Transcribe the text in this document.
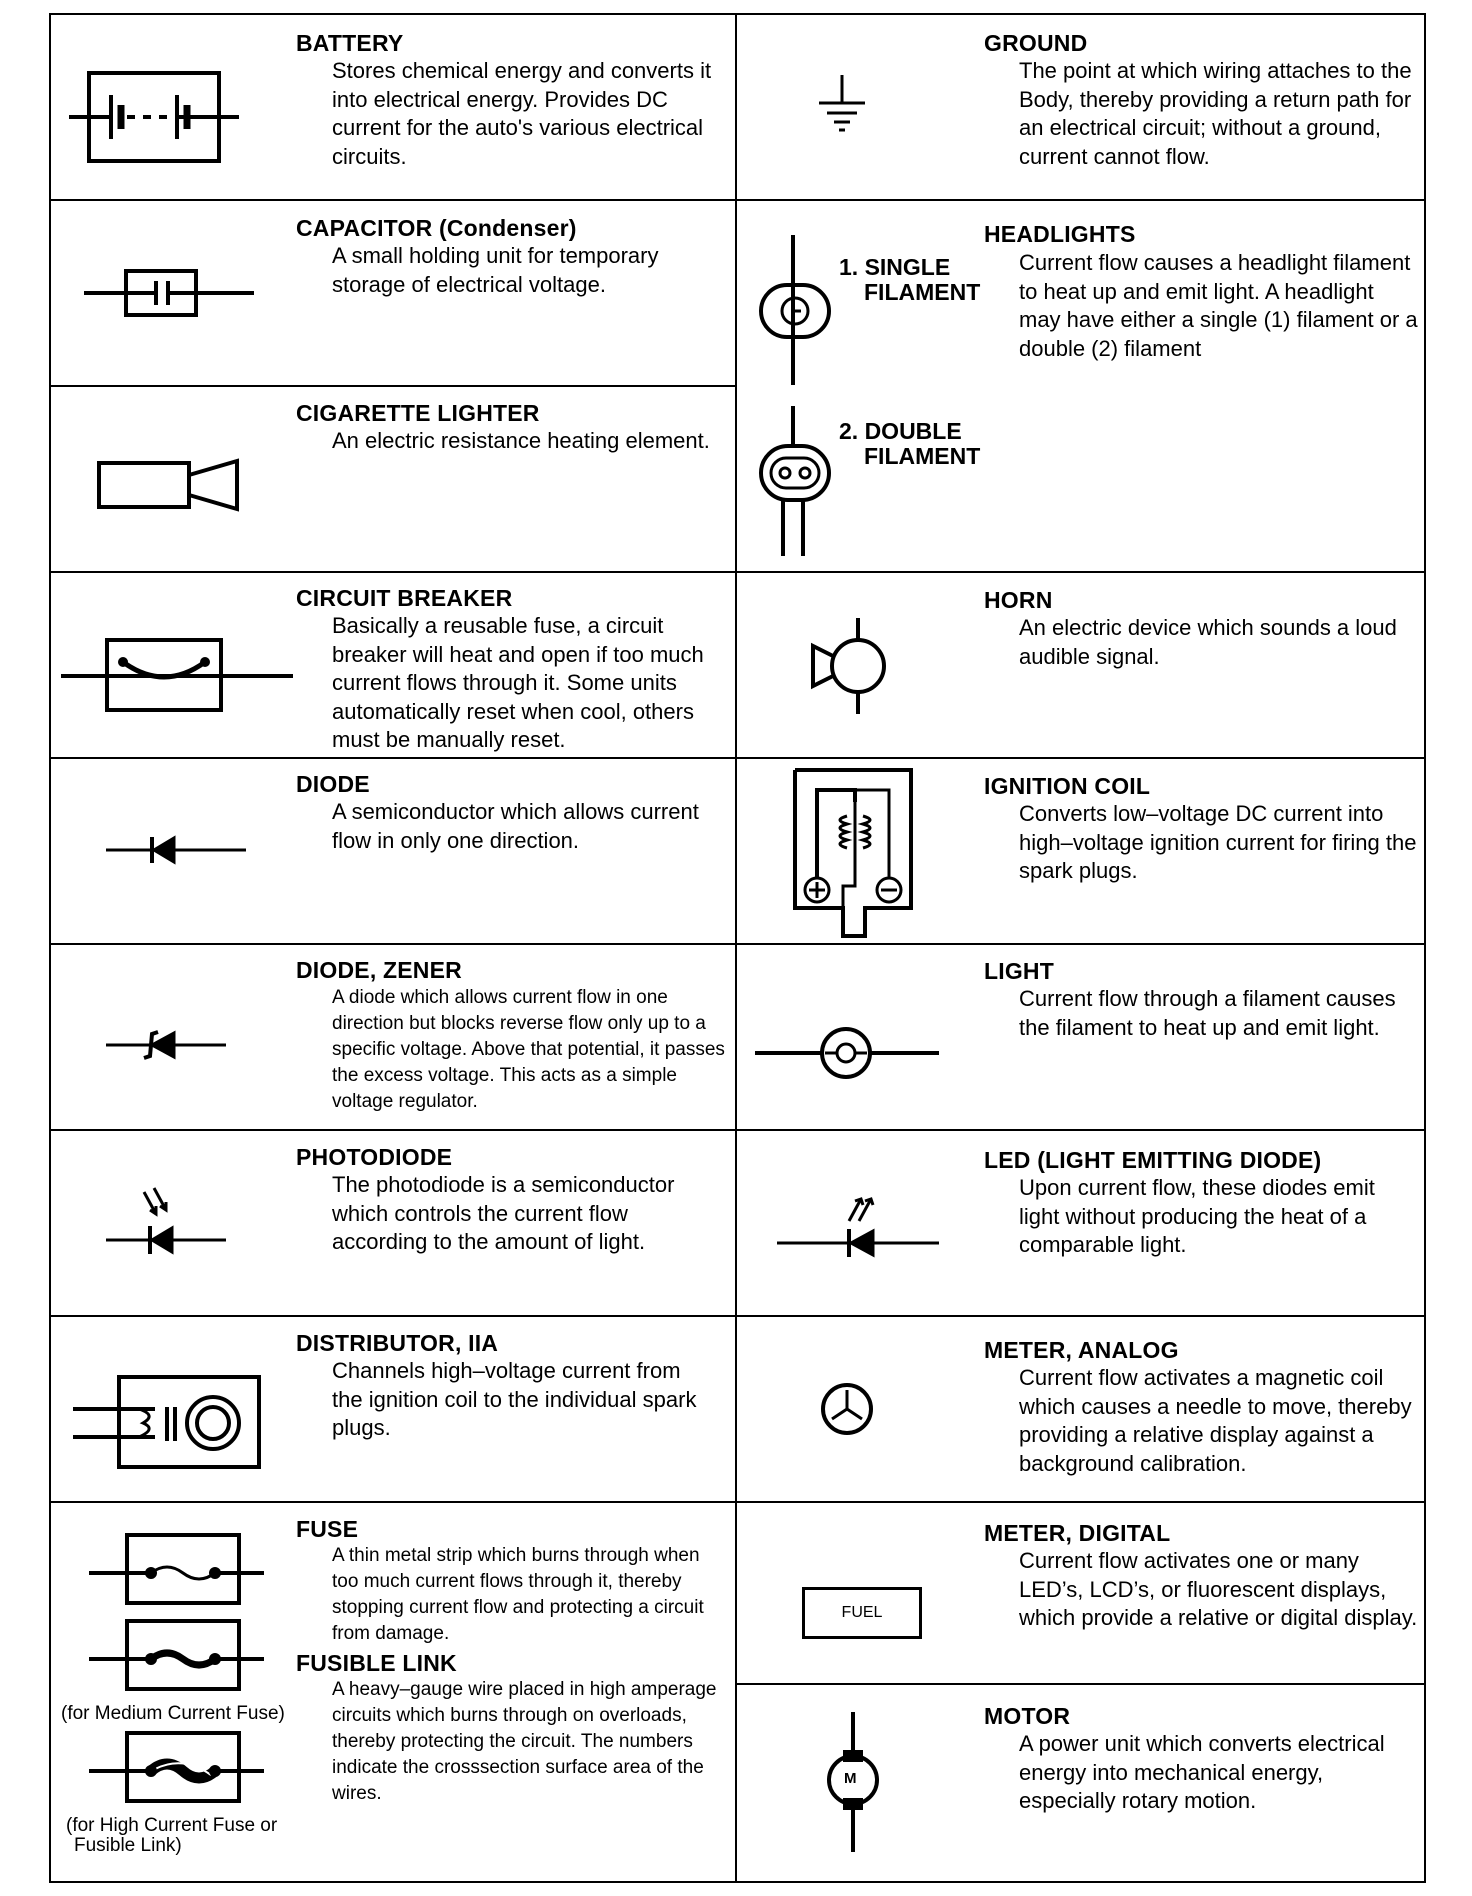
BATTERY
Stores chemical energy and converts it into electrical energy. Provides DC current for the auto's various electrical circuits.
CAPACITOR (Condenser)
A small holding unit for temporary storage of electrical voltage.
CIGARETTE LIGHTER
An electric resistance heating element.
CIRCUIT BREAKER
Basically a reusable fuse, a circuit breaker will heat and open if too much current flows through it. Some units automatically reset when cool, others must be manually reset.
DIODE
A semiconductor which allows current flow in only one direction.
DIODE, ZENER
A diode which allows current flow in one direction but blocks reverse flow only up to a specific voltage. Above that potential, it passes the excess voltage. This acts as a simple voltage regulator.
PHOTODIODE
The photodiode is a semiconductor which controls the current flow according to the amount of light.
DISTRIBUTOR, IIA
Channels high–voltage current from the ignition coil to the individual spark plugs.
(for Medium Current Fuse)
(for High Current Fuse or
Fusible Link)
FUSE
A thin metal strip which burns through when too much current flows through it, thereby stopping current flow and protecting a circuit from damage.
FUSIBLE LINK
A heavy–gauge wire placed in high amperage circuits which burns through on overloads, thereby protecting the circuit. The numbers indicate the crosssection surface area of the wires.
GROUND
The point at which wiring attaches to the Body, thereby providing a return path for an electrical circuit; without a ground, current cannot flow.
1. SINGLE
FILAMENT
2. DOUBLE
FILAMENT
HEADLIGHTS
Current flow causes a headlight filament to heat up and emit light. A headlight may have either a single (1) filament or a double (2) filament
HORN
An electric device which sounds a loud audible signal.
IGNITION COIL
Converts low–voltage DC current into high–voltage ignition current for firing the spark plugs.
LIGHT
Current flow through a filament causes the filament to heat up and emit light.
LED (LIGHT EMITTING DIODE)
Upon current flow, these diodes emit light without producing the heat of a comparable light.
METER, ANALOG
Current flow activates a magnetic coil which causes a needle to move, thereby providing a relative display against a background calibration.
FUEL
METER, DIGITAL
Current flow activates one or many LED’s, LCD’s, or fluorescent displays, which provide a relative or digital display.
M
MOTOR
A power unit which converts electrical energy into mechanical energy, especially rotary motion.
